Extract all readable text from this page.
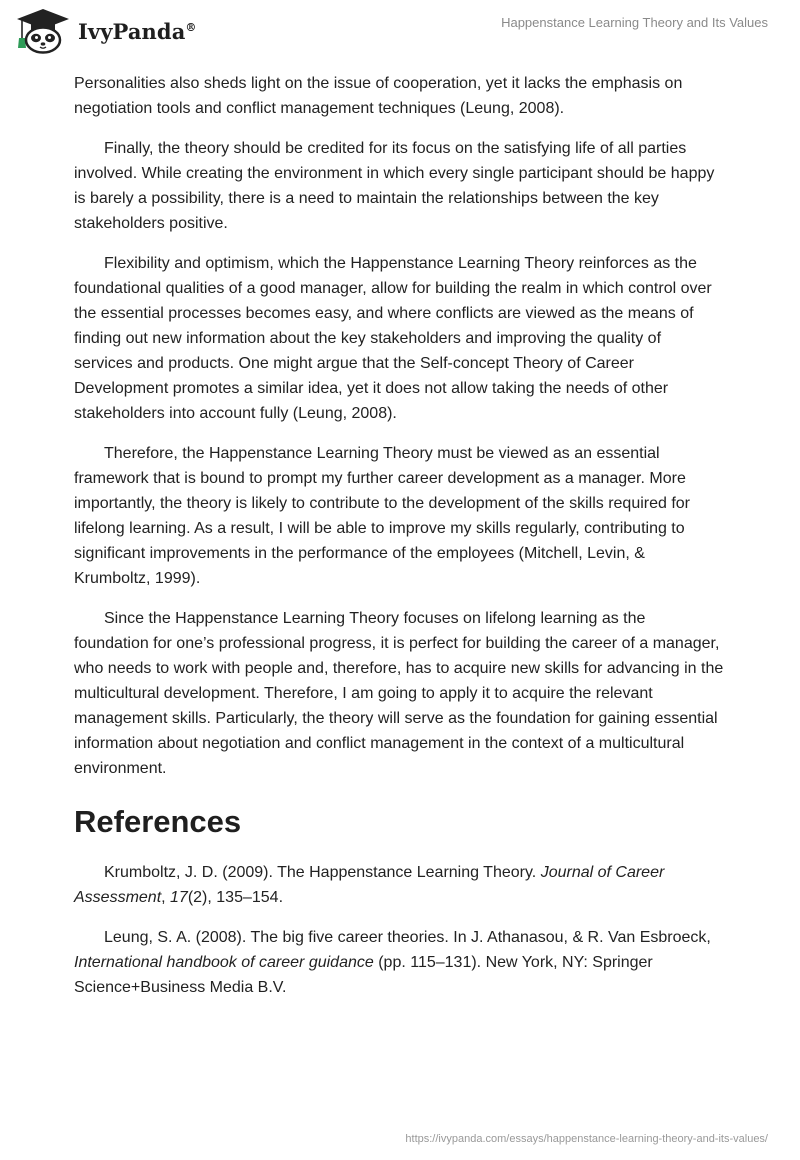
IvyPanda®	Happenstance Learning Theory and Its Values

Personalities also sheds light on the issue of cooperation, yet it lacks the emphasis on negotiation tools and conflict management techniques (Leung, 2008).

Finally, the theory should be credited for its focus on the satisfying life of all parties involved. While creating the environment in which every single participant should be happy is barely a possibility, there is a need to maintain the relationships between the key stakeholders positive.

Flexibility and optimism, which the Happenstance Learning Theory reinforces as the foundational qualities of a good manager, allow for building the realm in which control over the essential processes becomes easy, and where conflicts are viewed as the means of finding out new information about the key stakeholders and improving the quality of services and products. One might argue that the Self-concept Theory of Career Development promotes a similar idea, yet it does not allow taking the needs of other stakeholders into account fully (Leung, 2008).

Therefore, the Happenstance Learning Theory must be viewed as an essential framework that is bound to prompt my further career development as a manager. More importantly, the theory is likely to contribute to the development of the skills required for lifelong learning. As a result, I will be able to improve my skills regularly, contributing to significant improvements in the performance of the employees (Mitchell, Levin, & Krumboltz, 1999).

Since the Happenstance Learning Theory focuses on lifelong learning as the foundation for one’s professional progress, it is perfect for building the career of a manager, who needs to work with people and, therefore, has to acquire new skills for advancing in the multicultural development. Therefore, I am going to apply it to acquire the relevant management skills. Particularly, the theory will serve as the foundation for gaining essential information about negotiation and conflict management in the context of a multicultural environment.

References

Krumboltz, J. D. (2009). The Happenstance Learning Theory. Journal of Career Assessment, 17(2), 135–154.

Leung, S. A. (2008). The big five career theories. In J. Athanasou, & R. Van Esbroeck, International handbook of career guidance (pp. 115–131). New York, NY: Springer Science+Business Media B.V.

https://ivypanda.com/essays/happenstance-learning-theory-and-its-values/
